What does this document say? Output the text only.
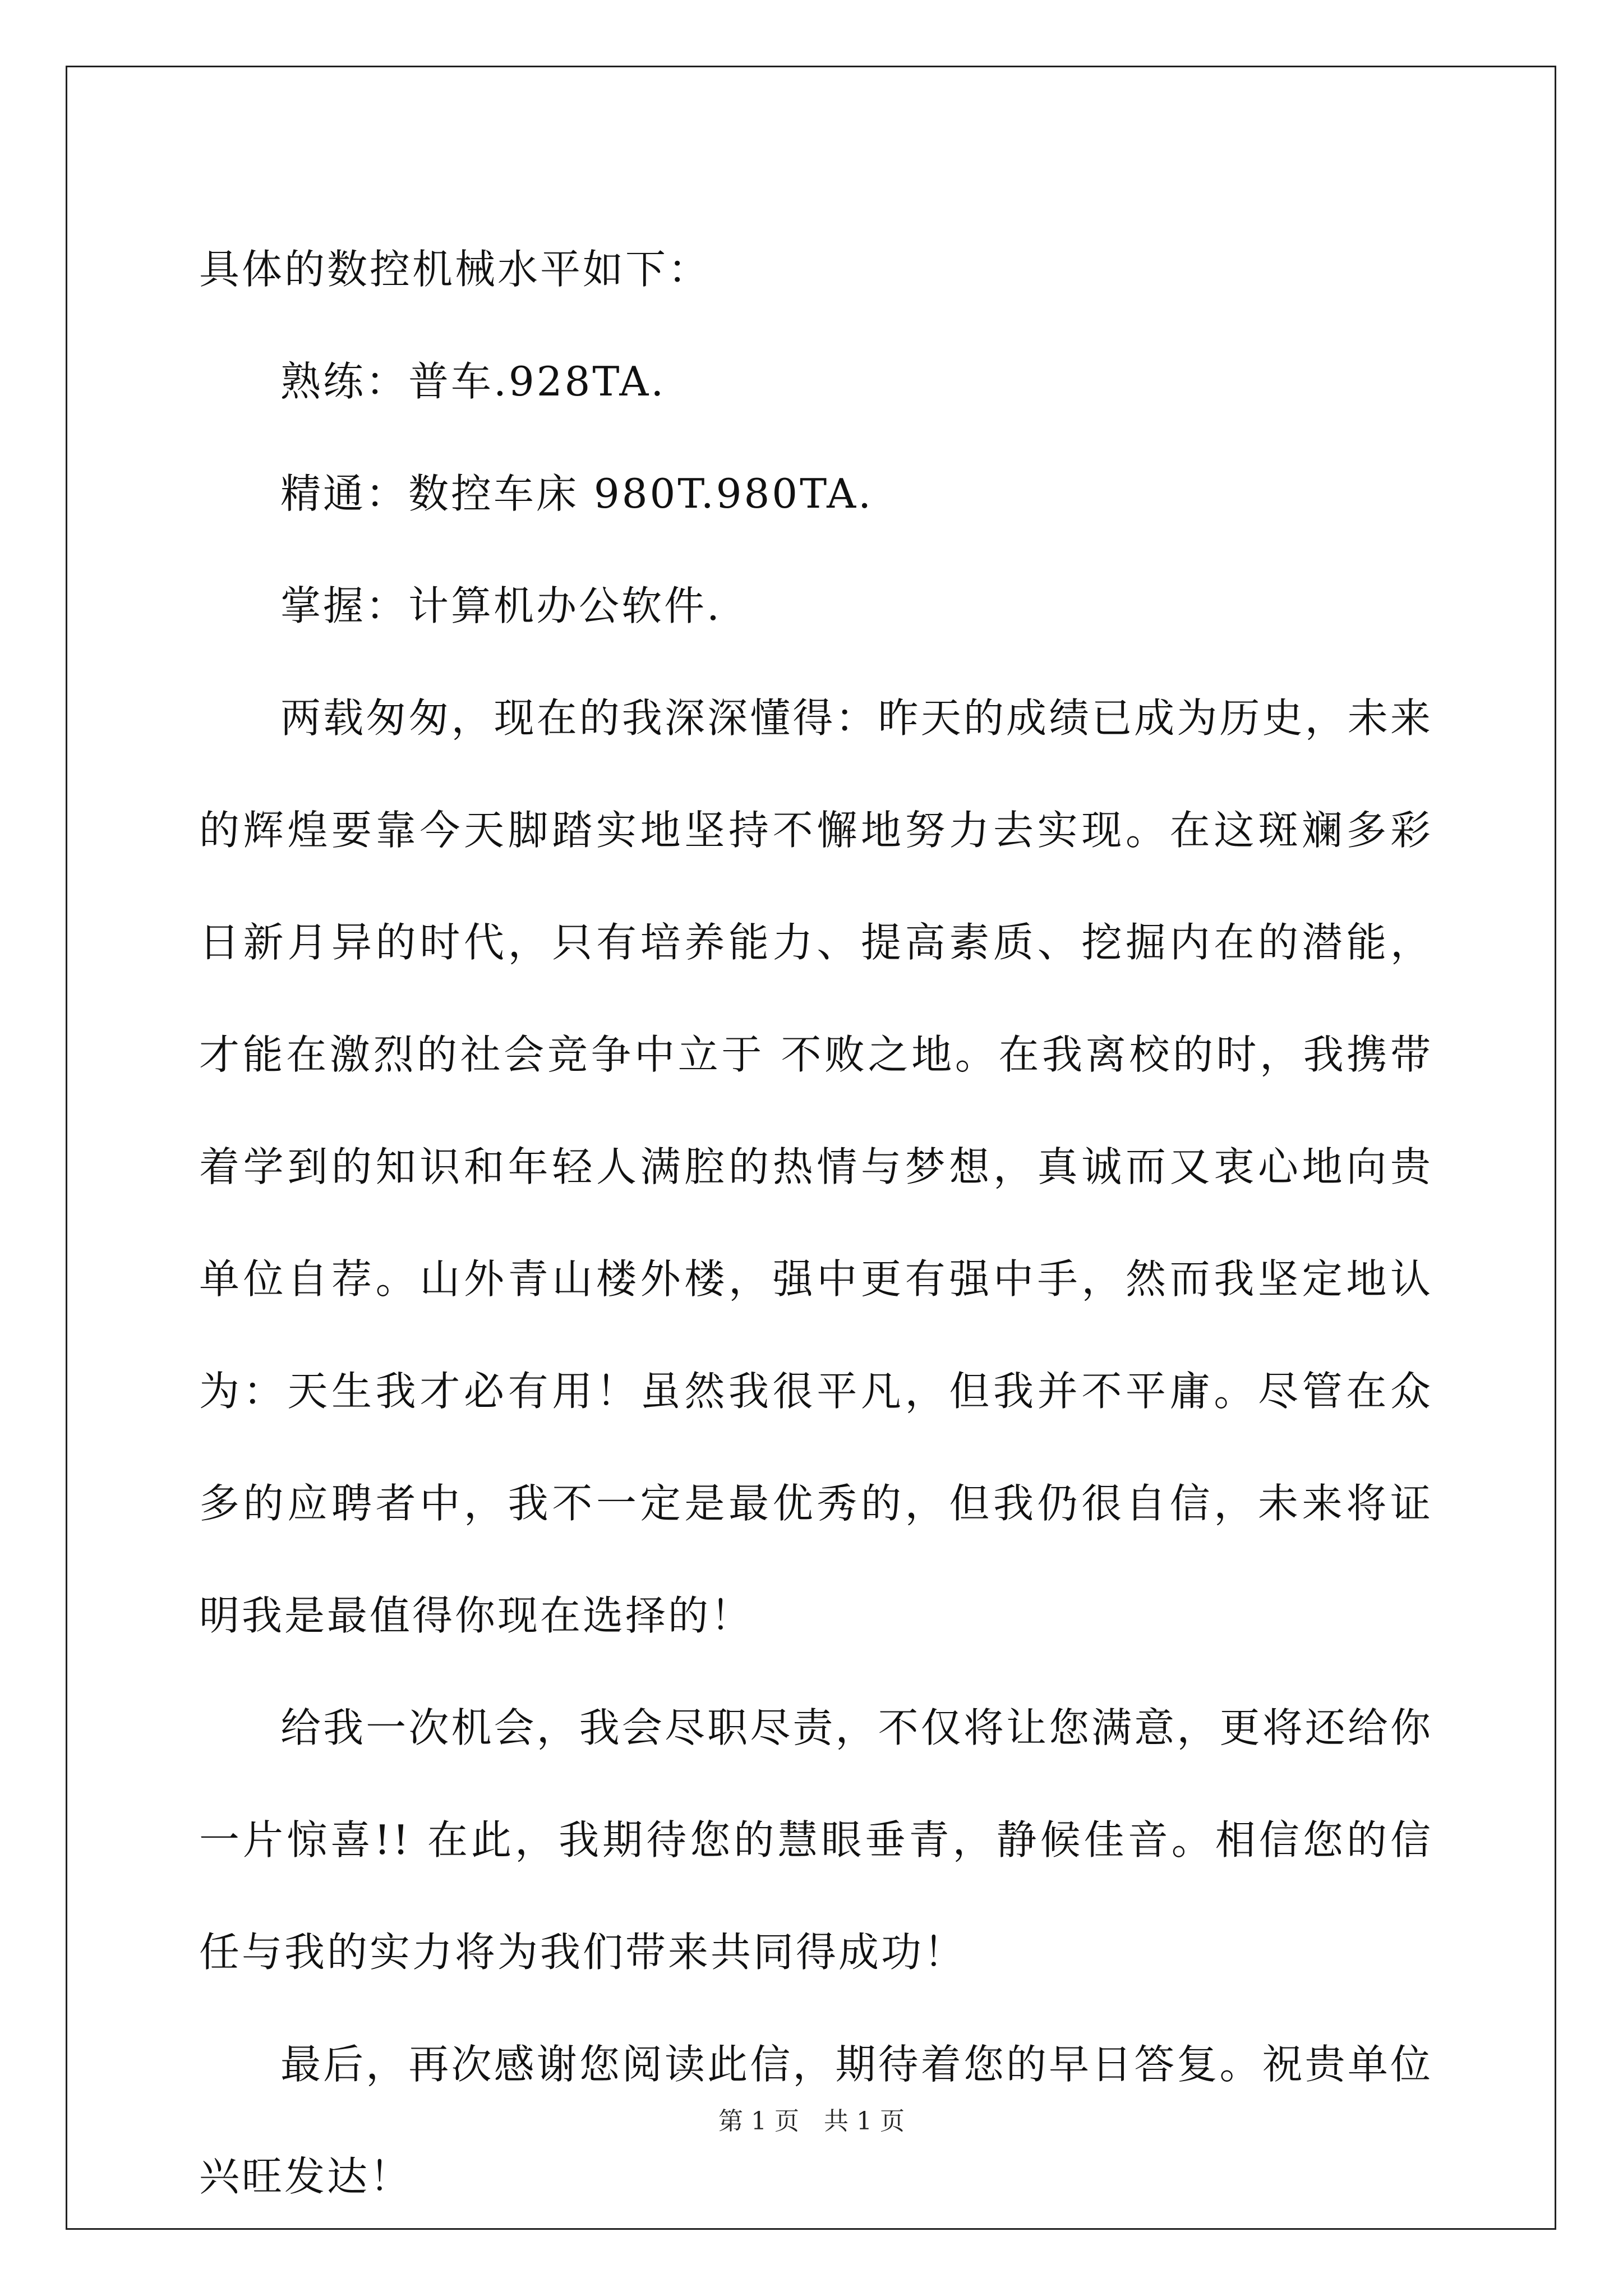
具体的数控机械水平如下：

熟练：普车.928TA.

精通：数控车床 980T.980TA.

掌握：计算机办公软件.

两载匆匆，现在的我深深懂得：昨天的成绩已成为历史，未来的辉煌要靠今天脚踏实地坚持不懈地努力去实现。在这斑斓多彩日新月异的时代，只有培养能力、提高素质、挖掘内在的潜能，才能在激烈的社会竞争中立于 不败之地。在我离校的时，我携带着学到的知识和年轻人满腔的热情与梦想，真诚而又衷心地向贵单位自荐。山外青山楼外楼，强中更有强中手，然而我坚定地认为：天生我才必有用！虽然我很平凡，但我并不平庸。尽管在众多的应聘者中，我不一定是最优秀的，但我仍很自信，未来将证明我是最值得你现在选择的！

给我一次机会，我会尽职尽责，不仅将让您满意，更将还给你一片惊喜!! 在此，我期待您的慧眼垂青，静候佳音。相信您的信任与我的实力将为我们带来共同得成功！

最后，再次感谢您阅读此信，期待着您的早日答复。祝贵单位兴旺发达！

第 1 页　共 1 页
